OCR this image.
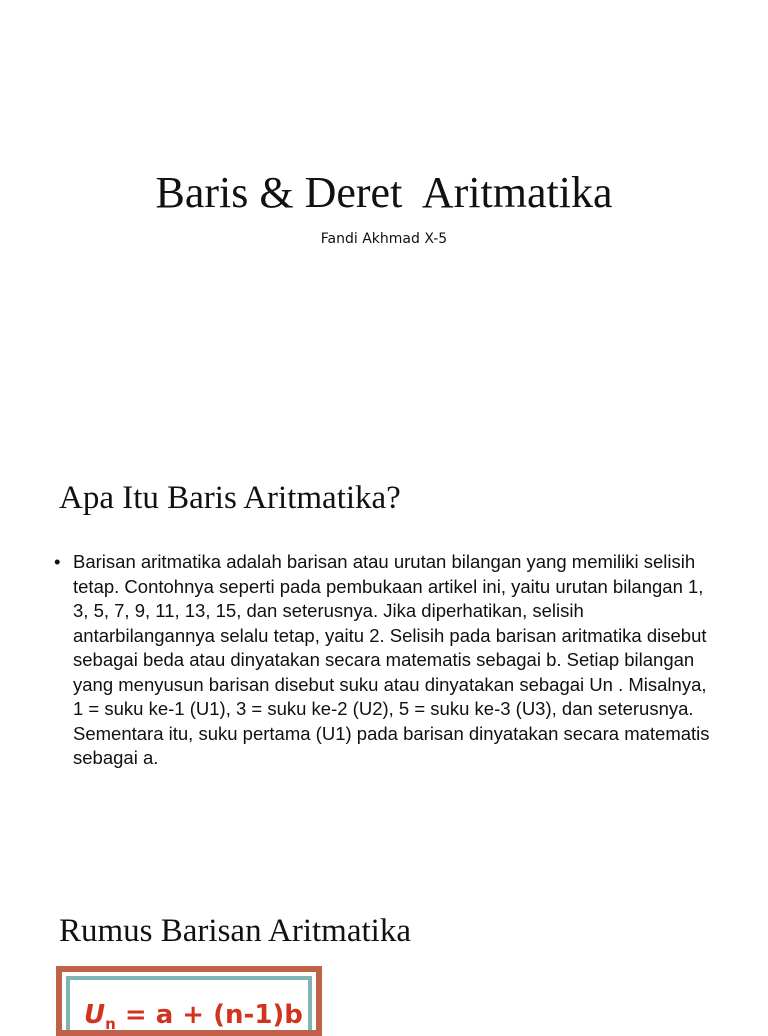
Baris & Deret  Aritmatika
Fandi Akhmad X-5
Apa Itu Baris Aritmatika?
• Barisan aritmatika adalah barisan atau urutan bilangan yang memiliki selisih tetap. Contohnya seperti pada pembukaan artikel ini, yaitu urutan bilangan 1, 3, 5, 7, 9, 11, 13, 15, dan seterusnya. Jika diperhatikan, selisih antarbilangannya selalu tetap, yaitu 2. Selisih pada barisan aritmatika disebut sebagai beda atau dinyatakan secara matematis sebagai b. Setiap bilangan yang menyusun barisan disebut suku atau dinyatakan sebagai Un . Misalnya, 1 = suku ke-1 (U1), 3 = suku ke-2 (U2), 5 = suku ke-3 (U3), dan seterusnya. Sementara itu, suku pertama (U1) pada barisan dinyatakan secara matematis sebagai a.
Rumus Barisan Aritmatika
$U_n = a + (n-1)b$
